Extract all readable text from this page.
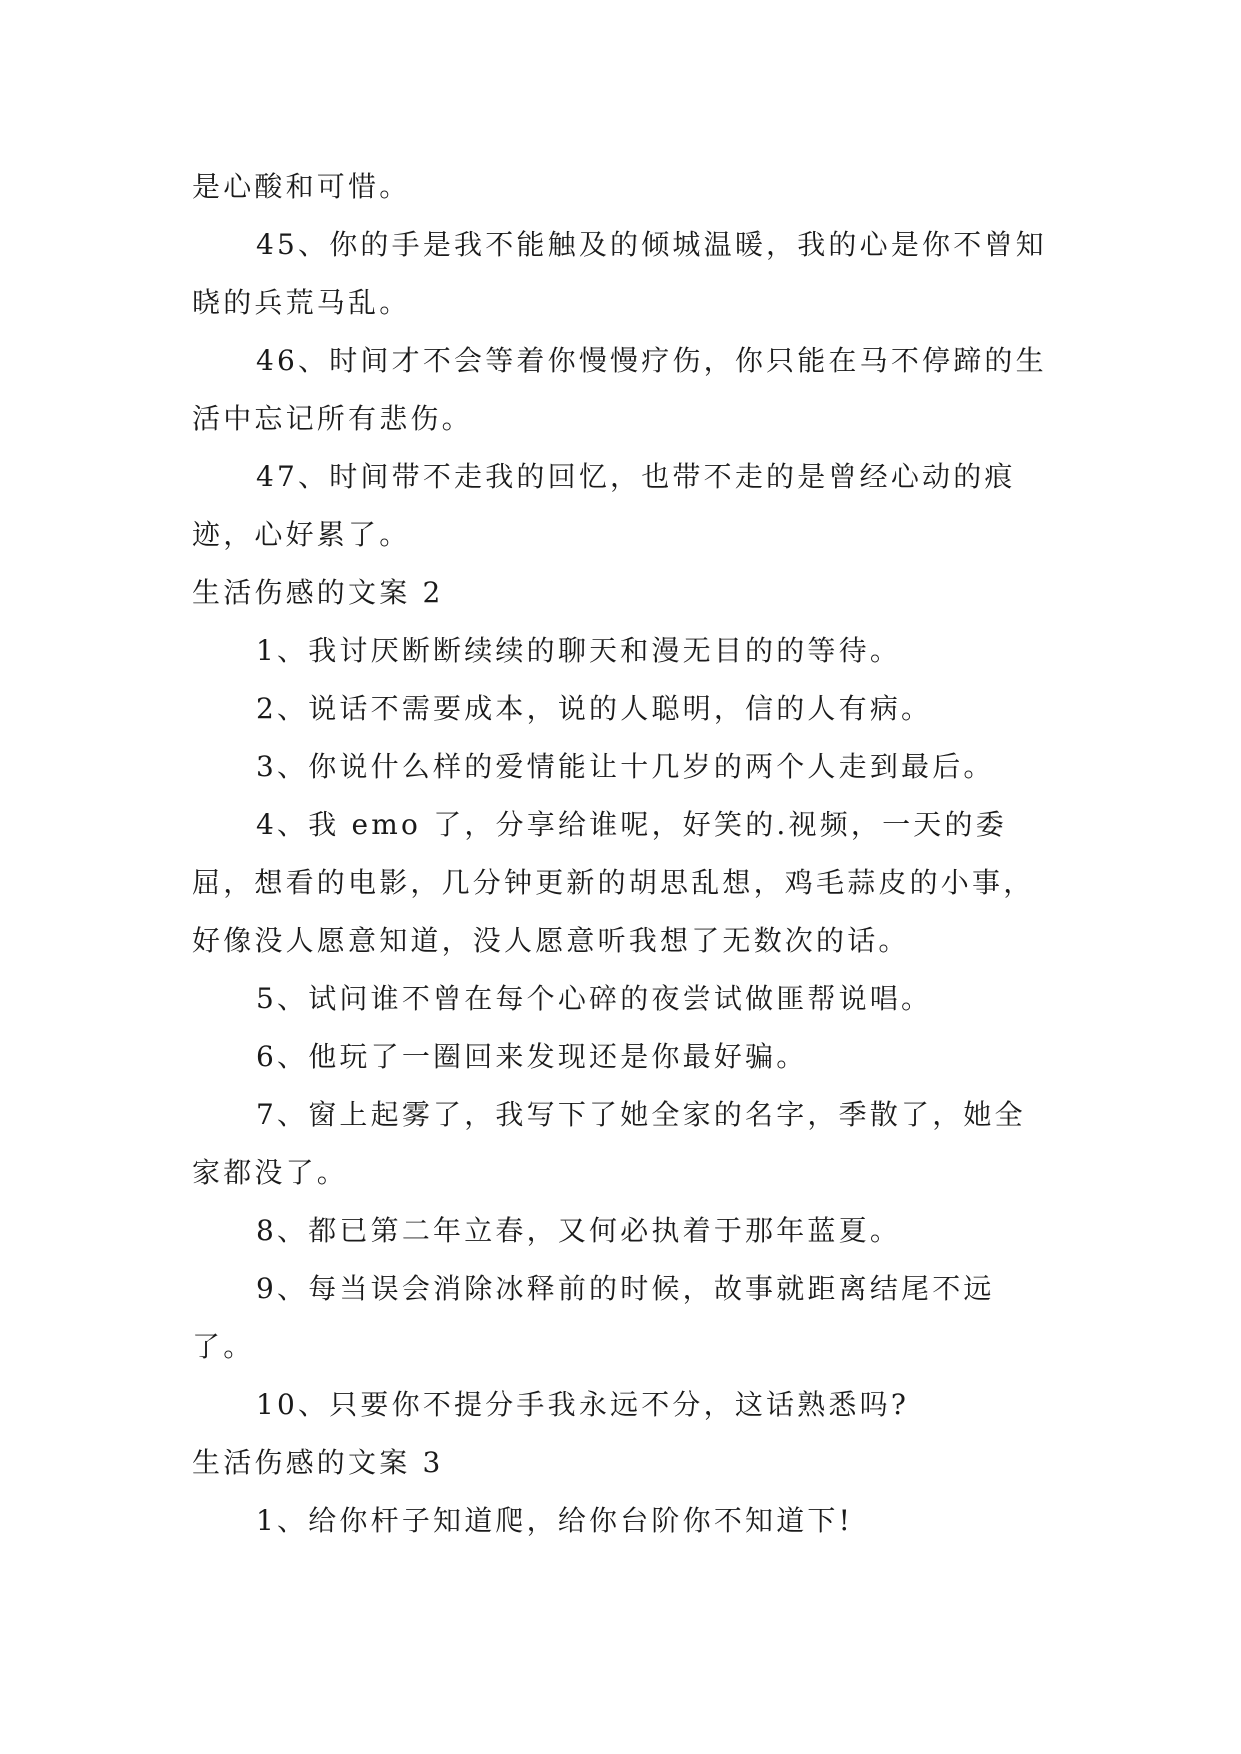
是心酸和可惜。

45、你的手是我不能触及的倾城温暖，我的心是你不曾知晓的兵荒马乱。

46、时间才不会等着你慢慢疗伤，你只能在马不停蹄的生活中忘记所有悲伤。

47、时间带不走我的回忆，也带不走的是曾经心动的痕迹，心好累了。

生活伤感的文案 2

1、我讨厌断断续续的聊天和漫无目的的等待。

2、说话不需要成本，说的人聪明，信的人有病。

3、你说什么样的爱情能让十几岁的两个人走到最后。

4、我 emo 了，分享给谁呢，好笑的.视频，一天的委屈，想看的电影，几分钟更新的胡思乱想，鸡毛蒜皮的小事，好像没人愿意知道，没人愿意听我想了无数次的话。

5、试问谁不曾在每个心碎的夜尝试做匪帮说唱。

6、他玩了一圈回来发现还是你最好骗。

7、窗上起雾了，我写下了她全家的名字，季散了，她全家都没了。

8、都已第二年立春，又何必执着于那年蓝夏。

9、每当误会消除冰释前的时候，故事就距离结尾不远了。

10、只要你不提分手我永远不分，这话熟悉吗?

生活伤感的文案 3

1、给你杆子知道爬，给你台阶你不知道下!
